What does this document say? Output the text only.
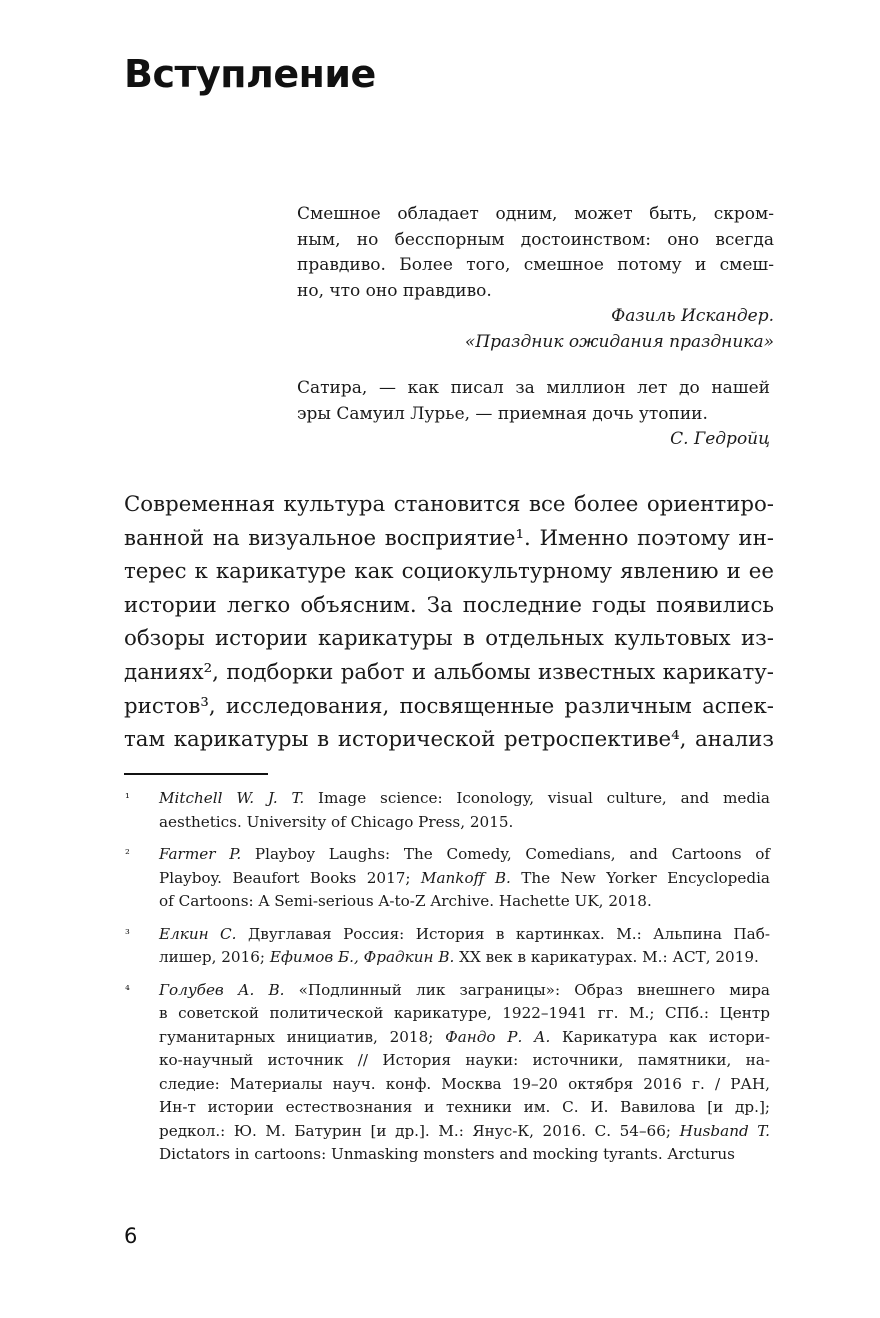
Вступление
Смешное обладает одним, может быть, скром-
ным, но бесспорным достоинством: оно всегда
правдиво. Более того, смешное потому и смеш-
но, что оно правдиво.
Фазиль Искандер.
«Праздник ожидания праздника»
Сатира, — как писал за миллион лет до нашей
эры Самуил Лурье, — приемная дочь утопии.
С. Гедройц
Современная культура становится все более ориентиро-
ванной на визуальное восприятие¹. Именно поэтому ин-
терес к карикатуре как социокультурному явлению и ее
истории легко объясним. За последние годы появились
обзоры истории карикатуры в отдельных культовых из-
даниях², подборки работ и альбомы известных карикату-
ристов³, исследования, посвященные различным аспек-
там карикатуры в исторической ретроспективе⁴, анализ
¹ Mitchell W. J. T. Image science: Iconology, visual culture, and media
aesthetics. University of Chicago Press, 2015.
² Farmer P. Playboy Laughs: The Comedy, Comedians, and Cartoons of
Playboy. Beaufort Books 2017; Mankoff B. The New Yorker Encyclopedia
of Cartoons: A Semi-serious A-to-Z Archive. Hachette UK, 2018.
³ Елкин С. Двуглавая Россия: История в картинках. М.: Альпина Паб-
лишер, 2016; Ефимов Б., Фрадкин В. XX век в карикатурах. М.: АСТ, 2019.
⁴ Голубев А. В. «Подлинный лик заграницы»: Образ внешнего мира
в советской политической карикатуре, 1922–1941 гг. М.; СПб.: Центр
гуманитарных инициатив, 2018; Фандо Р. А. Карикатура как истори-
ко-научный источник // История науки: источники, памятники, на-
следие: Материалы науч. конф. Москва 19–20 октября 2016 г. / РАН,
Ин-т истории естествознания и техники им. С. И. Вавилова [и др.];
редкол.: Ю. М. Батурин [и др.]. М.: Янус-К, 2016. С. 54–66; Husband T.
Dictators in cartoons: Unmasking monsters and mocking tyrants. Arcturus
6
